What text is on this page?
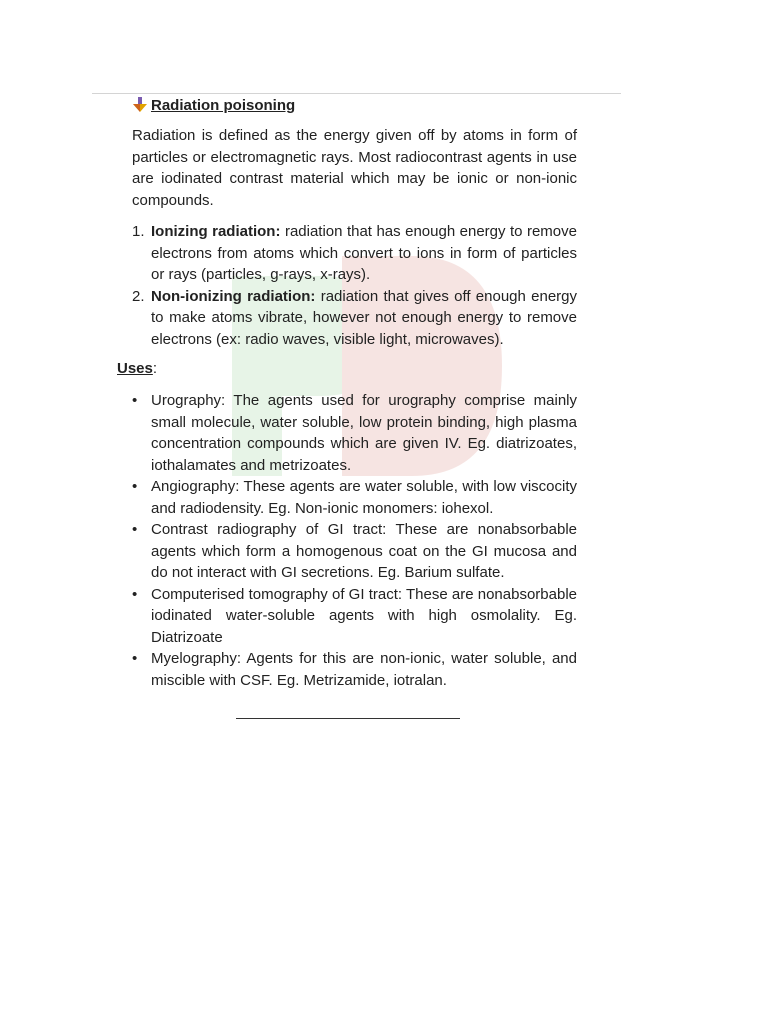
Radiation poisoning

Radiation is defined as the energy given off by atoms in form of particles or electromagnetic rays. Most radiocontrast agents in use are iodinated contrast material which may be ionic or non-ionic compounds.

1. Ionizing radiation: radiation that has enough energy to remove electrons from atoms which convert to ions in form of particles or rays (particles, g-rays, x-rays).
2. Non-ionizing radiation: radiation that gives off enough energy to make atoms vibrate, however not enough energy to remove electrons (ex: radio waves, visible light, microwaves).
Uses:
• Urography: The agents used for urography comprise mainly small molecule, water soluble, low protein binding, high plasma concentration compounds which are given IV. Eg. diatrizoates, iothalamates and metrizoates.
• Angiography: These agents are water soluble, with low viscocity and radiodensity. Eg. Non-ionic monomers: iohexol.
• Contrast radiography of GI tract: These are nonabsorbable agents which form a homogenous coat on the GI mucosa and do not interact with GI secretions. Eg. Barium sulfate.
• Computerised tomography of GI tract: These are nonabsorbable iodinated water-soluble agents with high osmolality. Eg. Diatrizoate
• Myelography: Agents for this are non-ionic, water soluble, and miscible with CSF. Eg. Metrizamide, iotralan.
